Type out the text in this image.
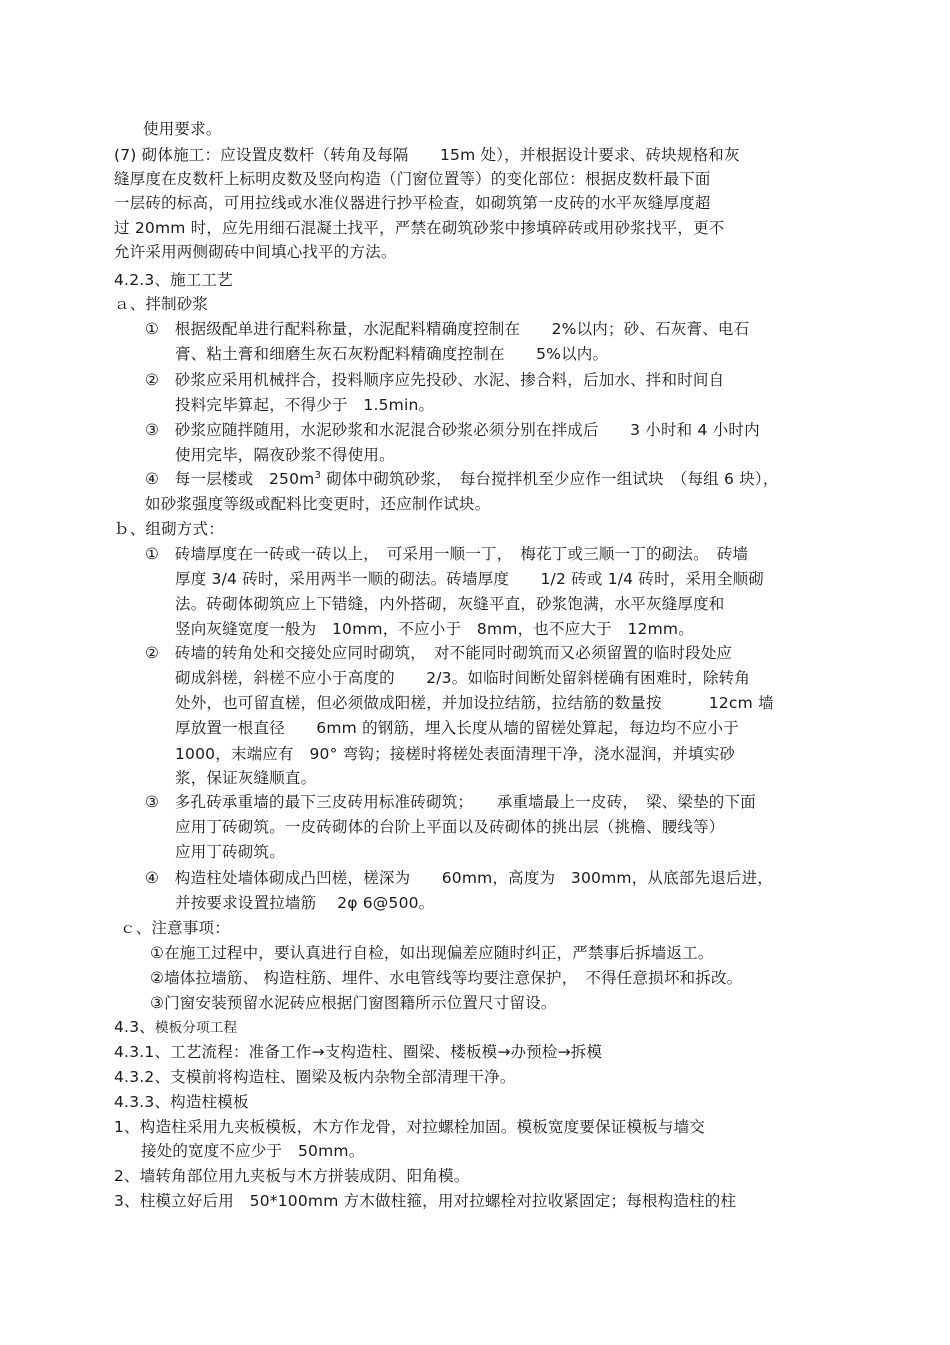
使用要求。
(7) 砌体施工：应设置皮数杆（转角及每隔　　15m 处），并根据设计要求、砖块规格和灰
缝厚度在皮数杆上标明皮数及竖向构造（门窗位置等）的变化部位：根据皮数杆最下面
一层砖的标高，可用拉线或水准仪器进行抄平检查，如砌筑第一皮砖的水平灰缝厚度超
过 20mm 时，应先用细石混凝土找平，严禁在砌筑砂浆中掺填碎砖或用砂浆找平，更不
允许采用两侧砌砖中间填心找平的方法。
4.2.3、施工工艺
ａ、拌制砂浆
①　根据级配单进行配料称量，水泥配料精确度控制在　　2%以内；砂、石灰膏、电石
膏、粘土膏和细磨生灰石灰粉配料精确度控制在　　5%以内。
②　砂浆应采用机械拌合，投料顺序应先投砂、水泥、掺合料，后加水、拌和时间自
投料完毕算起，不得少于　1.5min。
③　砂浆应随拌随用，水泥砂浆和水泥混合砂浆必须分别在拌成后　　3 小时和 4 小时内
使用完毕，隔夜砂浆不得使用。
④　每一层楼或　$250m^3$ 砌体中砌筑砂浆，　每台搅拌机至少应作一组试块　（每组 6 块），
如砂浆强度等级或配料比变更时，还应制作试块。
ｂ、组砌方式：
①　砖墙厚度在一砖或一砖以上，　可采用一顺一丁，　梅花丁或三顺一丁的砌法。　砖墙
厚度 3/4 砖时，采用两半一顺的砌法。砖墙厚度　　1/2 砖或 1/4 砖时，采用全顺砌
法。砖砌体砌筑应上下错缝，内外搭砌，灰缝平直，砂浆饱满，水平灰缝厚度和
竖向灰缝宽度一般为　10mm，不应小于　8mm，也不应大于　12mm。
②　砖墙的转角处和交接处应同时砌筑，　对不能同时砌筑而又必须留置的临时段处应
砌成斜槎，斜槎不应小于高度的　　2/3。如临时间断处留斜槎确有困难时，除转角
处外，也可留直槎，但必须做成阳槎，并加设拉结筋，拉结筋的数量按　　　12cm 墙
厚放置一根直径　　6mm 的钢筋，埋入长度从墙的留槎处算起，每边均不应小于
1000，末端应有　90° 弯钩；接槎时将槎处表面清理干净，浇水湿润，并填实砂
浆，保证灰缝顺直。
③　多孔砖承重墙的最下三皮砖用标准砖砌筑；　　承重墙最上一皮砖，　梁、梁垫的下面
应用丁砖砌筑。一皮砖砌体的台阶上平面以及砖砌体的挑出层（挑檐、腰线等）
应用丁砖砌筑。
④　构造柱处墙体砌成凸凹槎，槎深为　　60mm，高度为　300mm，从底部先退后进，
并按要求设置拉墙筋　 2φ 6@500。
ｃ、注意事项：
①在施工过程中，要认真进行自检，如出现偏差应随时纠正，严禁事后拆墙返工。
②墙体拉墙筋、 构造柱筋、埋件、水电管线等均要注意保护，　不得任意损坏和拆改。
③门窗安装预留水泥砖应根据门窗图籍所示位置尺寸留设。
4.3、模板分项工程
4.3.1、工艺流程：准备工作→支构造柱、圈梁、楼板模→办预检→拆模
4.3.2、支模前将构造柱、圈梁及板内杂物全部清理干净。
4.3.3、构造柱模板
1、构造柱采用九夹板模板，木方作龙骨，对拉螺栓加固。模板宽度要保证模板与墙交
接处的宽度不应少于　50mm。
2、墙转角部位用九夹板与木方拼装成阴、阳角模。
3、柱模立好后用　50*100mm 方木做柱箍，用对拉螺栓对拉收紧固定；每根构造柱的柱
